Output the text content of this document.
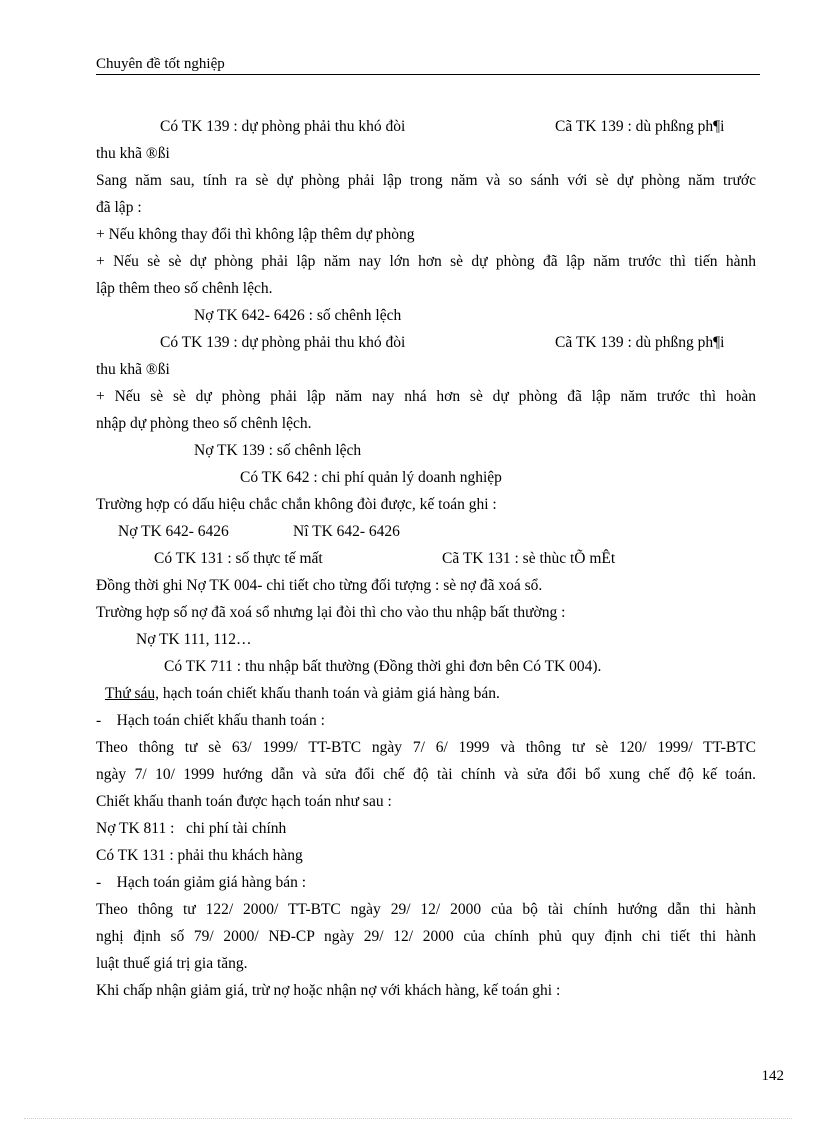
Chuyên đề tốt nghiệp
Có TK 139 : dự phòng phải thu khó đòi	Cã TK 139 : dù phßng ph¶i
thu khã ®ßi
Sang năm sau, tính ra sè dự phòng phải lập trong năm và so sánh với sè dự phòng năm trước
đã lập :
+ Nếu không thay đổi thì không lập thêm dự phòng
+ Nếu sè sè dự phòng phải lập năm nay lớn hơn sè dự phòng đã lập năm trước thì tiến hành
lập thêm theo số chênh lệch.
Nợ TK 642- 6426 : số chênh lệch
Có TK 139 : dự phòng phải thu khó đòi	Cã TK 139 : dù phßng ph¶i
thu khã ®ßi
+ Nếu sè sè dự phòng phải lập năm nay nhá hơn sè dự phòng đã lập năm trước thì hoàn
nhập dự phòng theo số chênh lệch.
Nợ TK 139 : số chênh lệch
Có TK 642 : chi phí quản lý doanh nghiệp
Trường hợp có dấu hiệu chắc chắn không đòi được, kế toán ghi :
Nợ TK 642- 6426	Nî TK 642- 6426
Có TK 131 : số thực tế mất	Cã TK 131 : sè thùc tÕ mÊt
Đồng thời ghi Nợ TK 004- chi tiết cho từng đối tượng : sè nợ đã xoá sổ.
Trường hợp số nợ đã xoá sổ nhưng lại đòi thì cho vào thu nhập bất thường :
Nợ TK 111, 112…
Có TK 711 : thu nhập bất thường (Đồng thời ghi đơn bên Có TK 004).
Thứ sáu, hạch toán chiết khấu thanh toán và giảm giá hàng bán.
-    Hạch toán chiết khấu thanh toán :
Theo thông tư sè 63/ 1999/ TT-BTC ngày 7/ 6/ 1999 và thông tư sè 120/ 1999/ TT-BTC
ngày 7/ 10/ 1999 hướng dẫn và sửa đổi chế độ tài chính và sửa đổi bổ xung chế độ kế toán.
Chiết khấu thanh toán được hạch toán như sau :
Nợ TK 811 :   chi phí tài chính
Có TK 131 : phải thu khách hàng
-    Hạch toán giảm giá hàng bán :
Theo thông tư 122/ 2000/ TT-BTC ngày 29/ 12/ 2000 của bộ tài chính hướng dẫn thi hành
nghị định số 79/ 2000/ NĐ-CP ngày 29/ 12/ 2000 của chính phủ quy định chi tiết thi hành
luật thuế giá trị gia tăng.
Khi chấp nhận giảm giá, trừ nợ hoặc nhận nợ với khách hàng, kế toán ghi :
142
